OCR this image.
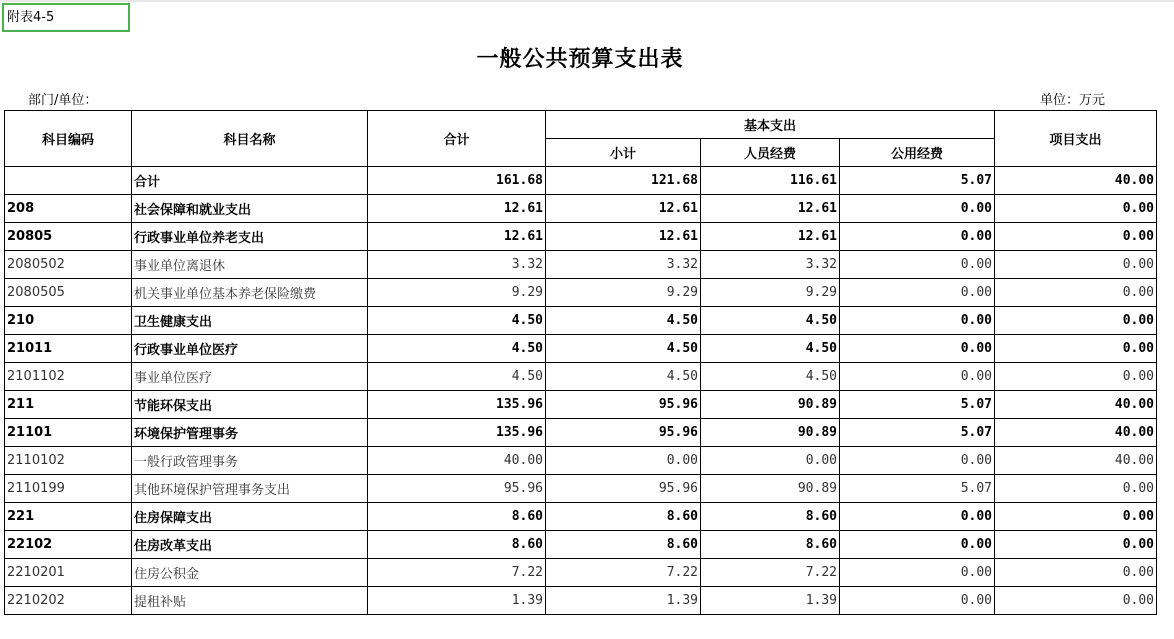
附表4-5
一般公共预算支出表
部门/单位：	单位：万元
科目编码	科目名称	合计	基本支出			项目支出
			小计	人员经费	公用经费	
	合计	161.68	121.68	116.61	5.07	40.00
208	社会保障和就业支出	12.61	12.61	12.61	0.00	0.00
20805	行政事业单位养老支出	12.61	12.61	12.61	0.00	0.00
2080502	事业单位离退休	3.32	3.32	3.32	0.00	0.00
2080505	机关事业单位基本养老保险缴费	9.29	9.29	9.29	0.00	0.00
210	卫生健康支出	4.50	4.50	4.50	0.00	0.00
21011	行政事业单位医疗	4.50	4.50	4.50	0.00	0.00
2101102	事业单位医疗	4.50	4.50	4.50	0.00	0.00
211	节能环保支出	135.96	95.96	90.89	5.07	40.00
21101	环境保护管理事务	135.96	95.96	90.89	5.07	40.00
2110102	一般行政管理事务	40.00	0.00	0.00	0.00	40.00
2110199	其他环境保护管理事务支出	95.96	95.96	90.89	5.07	0.00
221	住房保障支出	8.60	8.60	8.60	0.00	0.00
22102	住房改革支出	8.60	8.60	8.60	0.00	0.00
2210201	住房公积金	7.22	7.22	7.22	0.00	0.00
2210202	提租补贴	1.39	1.39	1.39	0.00	0.00
